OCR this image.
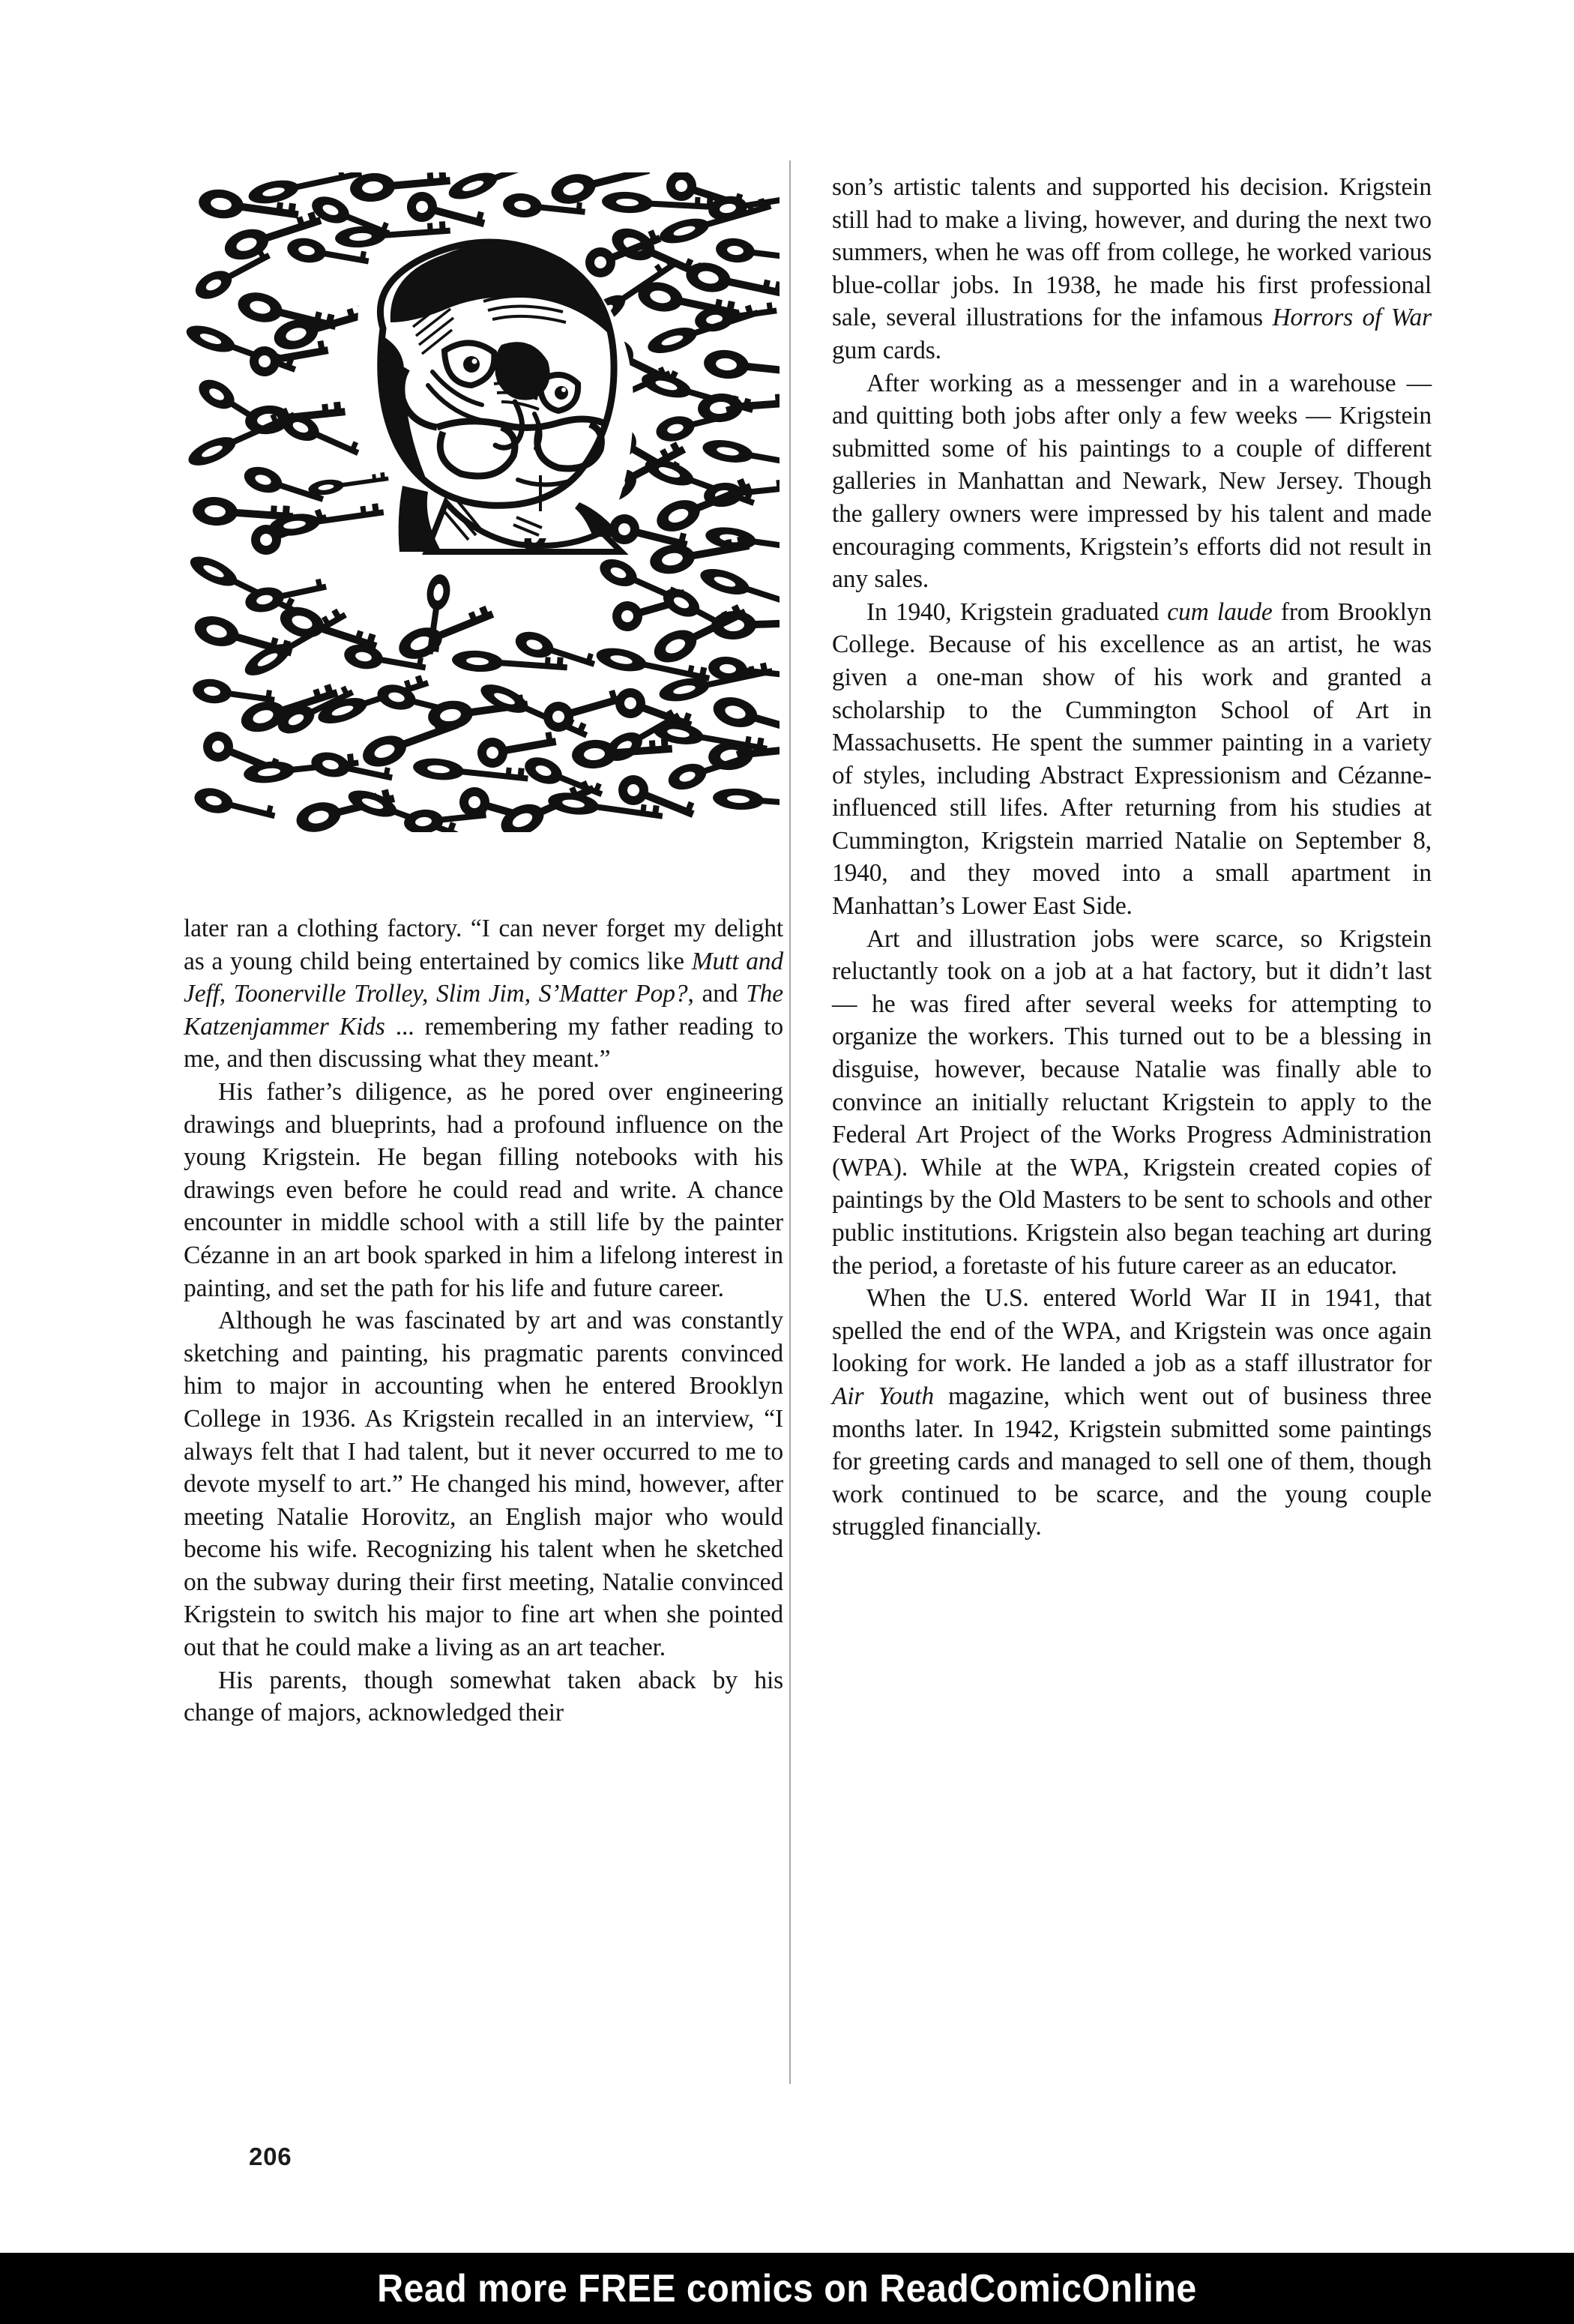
later ran a clothing factory. “I can never forget my delight as a young child being entertained by comics like Mutt and Jeff, Toonerville Trolley, Slim Jim, S’Matter Pop?, and The Katzenjammer Kids ... remembering my father reading to me, and then discussing what they meant.”

His father’s diligence, as he pored over engineering drawings and blueprints, had a profound influence on the young Krigstein. He began filling notebooks with his drawings even before he could read and write. A chance encounter in middle school with a still life by the painter Cézanne in an art book sparked in him a lifelong interest in painting, and set the path for his life and future career.

Although he was fascinated by art and was constantly sketching and painting, his pragmatic parents convinced him to major in accounting when he entered Brooklyn College in 1936. As Krigstein recalled in an interview, “I always felt that I had talent, but it never occurred to me to devote myself to art.” He changed his mind, however, after meeting Natalie Horovitz, an English major who would become his wife. Recognizing his talent when he sketched on the subway during their first meeting, Natalie convinced Krigstein to switch his major to fine art when she pointed out that he could make a living as an art teacher.

His parents, though somewhat taken aback by his change of majors, acknowledged their

son’s artistic talents and supported his decision. Krigstein still had to make a living, however, and during the next two summers, when he was off from college, he worked various blue-collar jobs. In 1938, he made his first professional sale, several illustrations for the infamous Horrors of War gum cards.

After working as a messenger and in a warehouse — and quitting both jobs after only a few weeks — Krigstein submitted some of his paintings to a couple of different galleries in Manhattan and Newark, New Jersey. Though the gallery owners were impressed by his talent and made encouraging comments, Krigstein’s efforts did not result in any sales.

In 1940, Krigstein graduated cum laude from Brooklyn College. Because of his excellence as an artist, he was given a one-man show of his work and granted a scholarship to the Cummington School of Art in Massachusetts. He spent the summer painting in a variety of styles, including Abstract Expressionism and Cézanne-influenced still lifes. After returning from his studies at Cummington, Krigstein married Natalie on September 8, 1940, and they moved into a small apartment in Manhattan’s Lower East Side.

Art and illustration jobs were scarce, so Krigstein reluctantly took on a job at a hat factory, but it didn’t last — he was fired after several weeks for attempting to organize the workers. This turned out to be a blessing in disguise, however, because Natalie was finally able to convince an initially reluctant Krigstein to apply to the Federal Art Project of the Works Progress Administration (WPA). While at the WPA, Krigstein created copies of paintings by the Old Masters to be sent to schools and other public institutions. Krigstein also began teaching art during the period, a foretaste of his future career as an educator.

When the U.S. entered World War II in 1941, that spelled the end of the WPA, and Krigstein was once again looking for work. He landed a job as a staff illustrator for Air Youth magazine, which went out of business three months later. In 1942, Krigstein submitted some paintings for greeting cards and managed to sell one of them, though work continued to be scarce, and the young couple struggled financially.

206
Read more FREE comics on ReadComicOnline
